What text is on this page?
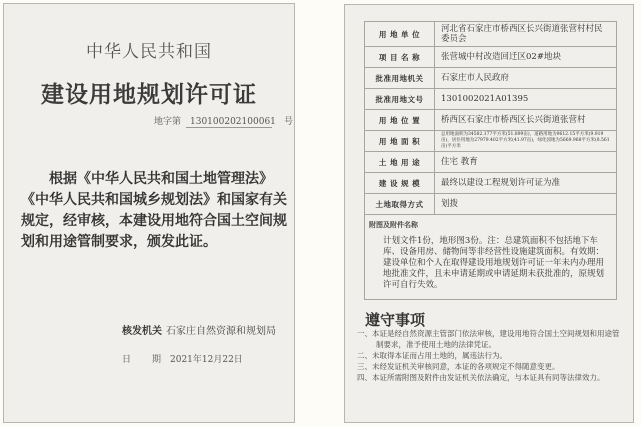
中华人民共和国
建设用地规划许可证
地字第 130100202100061 号
根据《中华人民共和国土地管理法》《中华人民共和国城乡规划法》和国家有关规定，经审核，本建设用地符合国土空间规划和用途管制要求，颁发此证。
核发机关 石家庄自然资源和规划局
日 期 2021年12月22日
用 地 单 位	河北省石家庄市桥西区长兴街道张营村村民委员会
项 目 名 称	张营城中村改造回迁区02#地块
批准用地机关	石家庄市人民政府
批准用地文号	1301002021A01395
用 地 位 置	桥西区石家庄市桥西区长兴街道张营村
用 地 面 积	总用地面积为34582.177平方米(51.899亩)，道路用地为9612.15平方米(9.919亩)，居住用地为27979.402平方米(41.97亩)，绿化园地为5669.968平方米(8.561亩)平方米
土 地 用 途	住宅 教育
建 设 规 模	最终以建设工程规划许可证为准
土地取得方式	划拨
附图及附件名称
计划文件1份，地形图3份。注：总建筑面积不包括地下车库、设备用房、储物间等非经营性设施建筑面积。有效期：建设单位和个人在取得建设用地规划许可证一年未内办理用地批准文件，且未申请延期或申请延期未获批准的，原规划许可自行失效。
遵守事项
一、本证是经自然资源主管部门依法审核，建设用地符合国土空间规划和用途管制要求，准予使用土地的法律凭证。
二、未取得本证而占用土地的，属违法行为。
三、未经发证机关审核同意，本证的各项规定不得随意变更。
四、本证所需附图及附件由发证机关依法确定，与本证具有同等法律效力。
